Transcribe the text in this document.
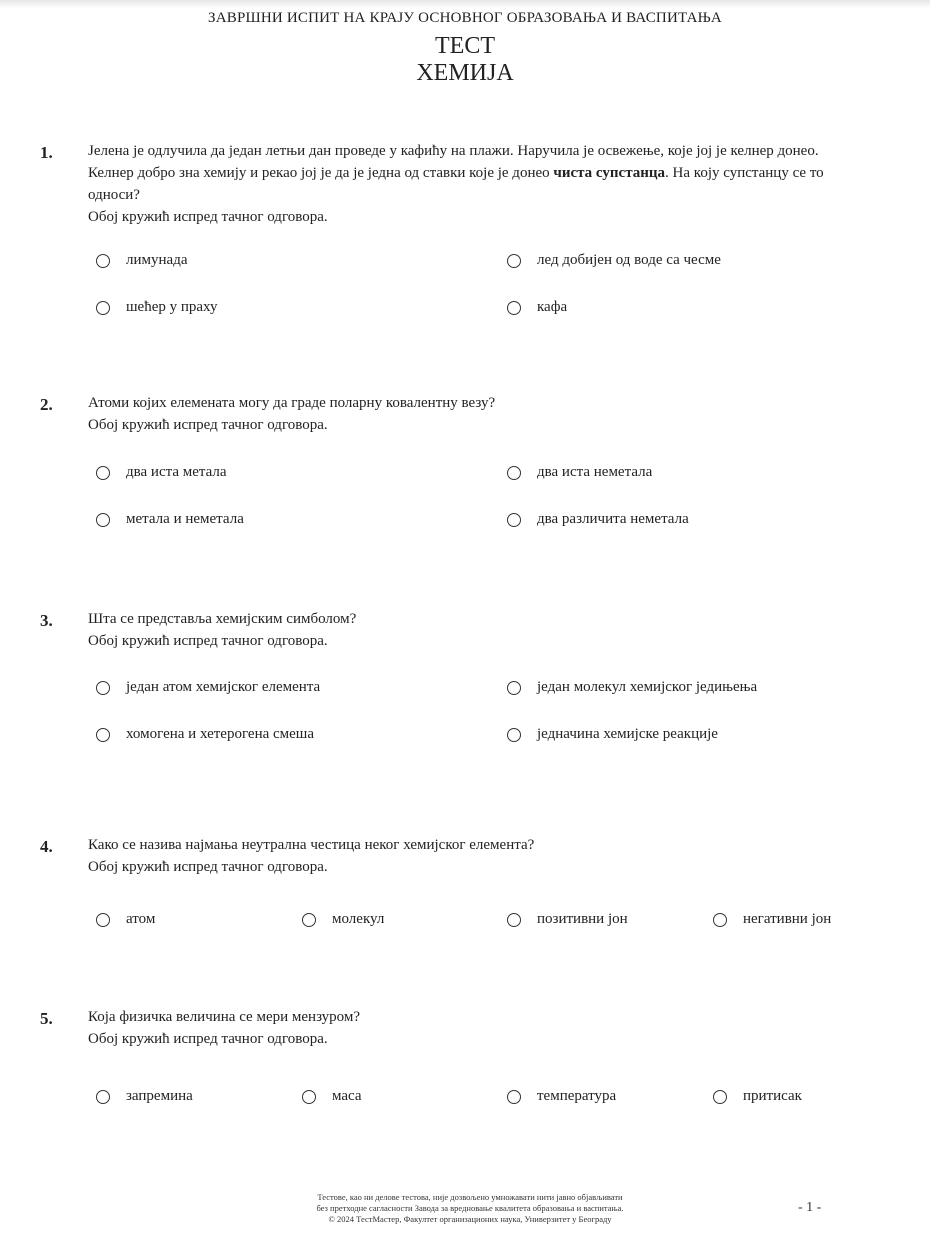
ЗАВРШНИ ИСПИТ НА КРАЈУ ОСНОВНОГ ОБРАЗОВАЊА И ВАСПИТАЊА
ТЕСТ
ХЕМИЈА
1. Јелена је одлучила да један летњи дан проведе у кафићу на плажи. Наручила је освежење, које јој је келнер донео. Келнер добро зна хемију и рекао јој је да је једна од ставки које је донео чиста супстанца. На коју супстанцу се то односи?
Обој кружић испред тачног одговора.
лимунада	лед добијен од воде са чесме
шећер у праху	кафа
2. Атоми којих елемената могу да граде поларну ковалентну везу?
Обој кружић испред тачног одговора.
два иста метала	два иста неметала
метала и неметала	два различита неметала
3. Шта се представља хемијским симболом?
Обој кружић испред тачног одговора.
један атом хемијског елемента	један молекул хемијског једињења
хомогена и хетерогена смеша	једначина хемијске реакције
4. Како се назива најмања неутрална честица неког хемијског елемента?
Обој кружић испред тачног одговора.
атом	молекул	позитивни јон	негативни јон
5. Која физичка величина се мери мензуром?
Обој кружић испред тачног одговора.
запремина	маса	температура	притисак
Тестове, као ни делове тестова, није дозвољено умножавати нити јавно објављивати
без претходне сагласности Завода за вредновање квалитета образовања и васпитања.
© 2024 ТестМастер, Факултет организационих наука, Универзитет у Београду
- 1 -
